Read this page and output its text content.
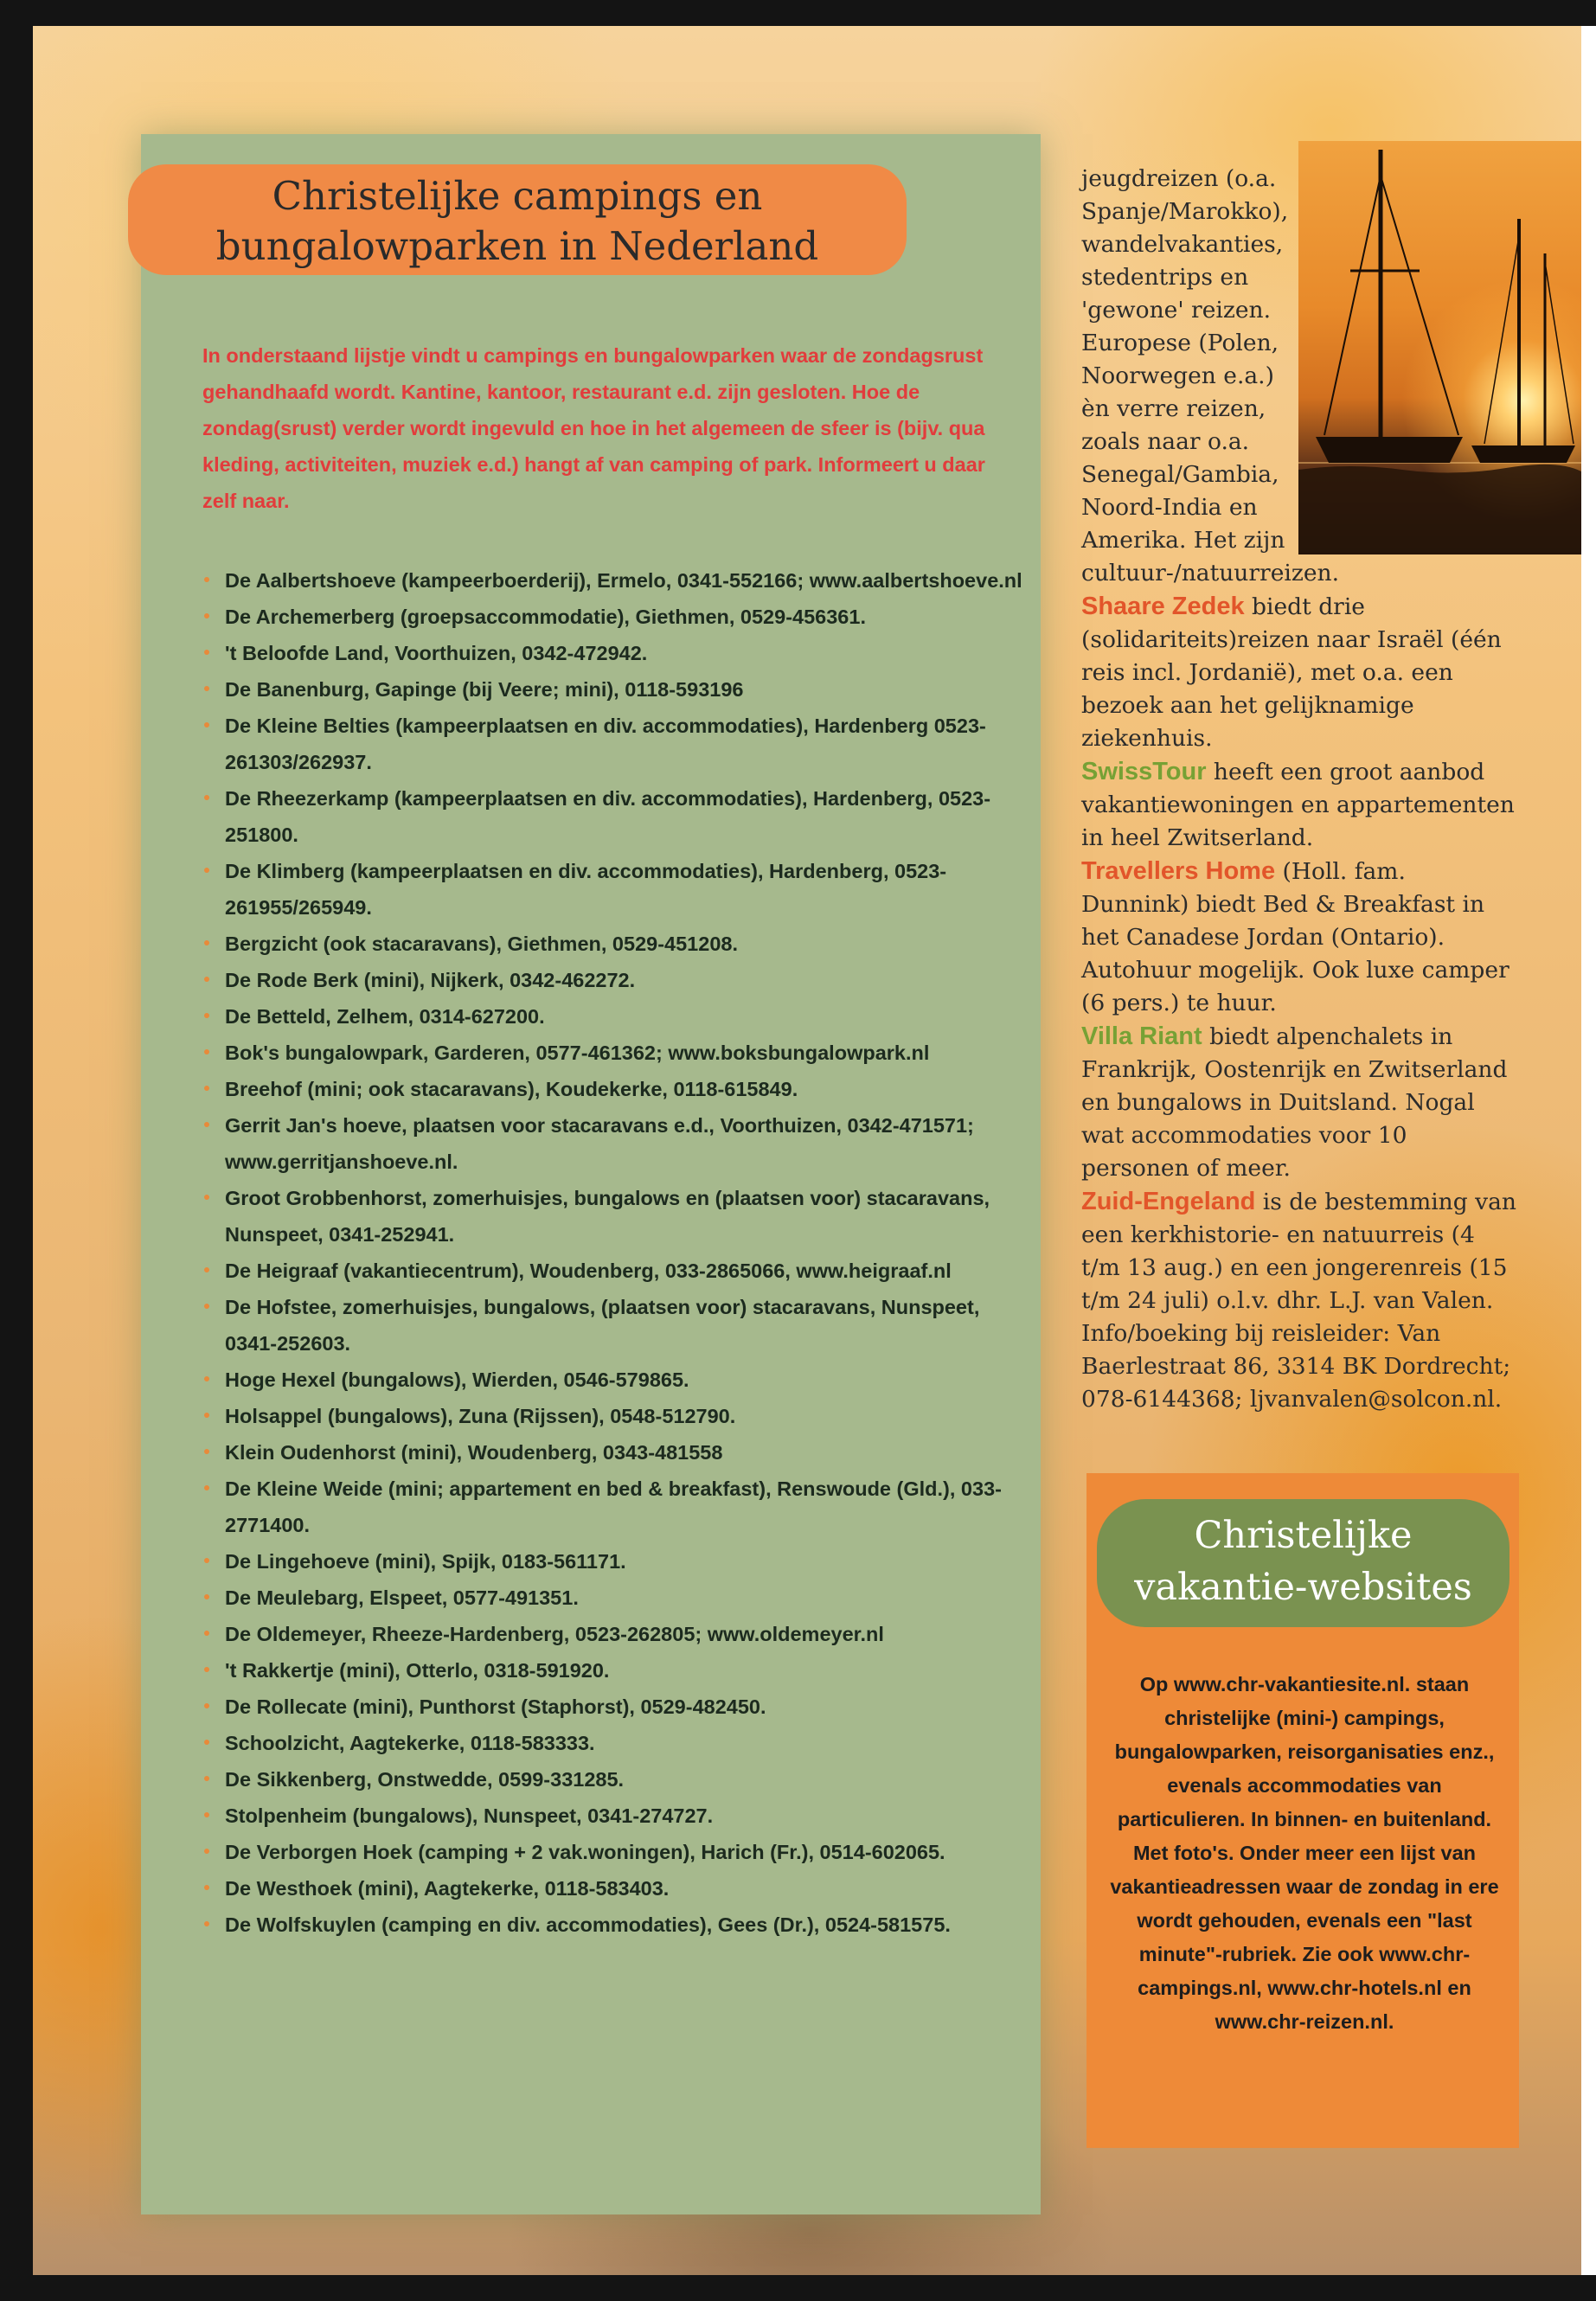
Christelijke campings en
bungalowparken in Nederland

In onderstaand lijstje vindt u campings en bungalowparken waar de zondagsrust gehandhaafd wordt. Kantine, kantoor, restaurant e.d. zijn gesloten. Hoe de zondag(srust) verder wordt ingevuld en hoe in het algemeen de sfeer is (bijv. qua kleding, activiteiten, muziek e.d.) hangt af van camping of park. Informeert u daar zelf naar.

De Aalbertshoeve (kampeerboerderij), Ermelo, 0341-552166; www.aalbertshoeve.nl
De Archemerberg (groepsaccommodatie), Giethmen, 0529-456361.
't Beloofde Land, Voorthuizen, 0342-472942.
De Banenburg, Gapinge (bij Veere; mini), 0118-593196
De Kleine Belties (kampeerplaatsen en div. accommodaties), Hardenberg 0523-261303/262937.
De Rheezerkamp (kampeerplaatsen en div. accommodaties), Hardenberg, 0523-251800.
De Klimberg (kampeerplaatsen en div. accommodaties), Hardenberg, 0523-261955/265949.
Bergzicht (ook stacaravans), Giethmen, 0529-451208.
De Rode Berk (mini), Nijkerk, 0342-462272.
De Betteld, Zelhem, 0314-627200.
Bok's bungalowpark, Garderen, 0577-461362; www.boksbungalowpark.nl
Breehof (mini; ook stacaravans), Koudekerke, 0118-615849.
Gerrit Jan's hoeve, plaatsen voor stacaravans e.d., Voorthuizen, 0342-471571; www.gerritjanshoeve.nl.
Groot Grobbenhorst, zomerhuisjes, bungalows en (plaatsen voor) stacaravans, Nunspeet, 0341-252941.
De Heigraaf (vakantiecentrum), Woudenberg, 033-2865066, www.heigraaf.nl
De Hofstee, zomerhuisjes, bungalows, (plaatsen voor) stacaravans, Nunspeet, 0341-252603.
Hoge Hexel (bungalows), Wierden, 0546-579865.
Holsappel (bungalows), Zuna (Rijssen), 0548-512790.
Klein Oudenhorst (mini), Woudenberg, 0343-481558
De Kleine Weide (mini; appartement en bed & breakfast), Renswoude (Gld.), 033-2771400.
De Lingehoeve (mini), Spijk, 0183-561171.
De Meulebarg, Elspeet, 0577-491351.
De Oldemeyer, Rheeze-Hardenberg, 0523-262805; www.oldemeyer.nl
't Rakkertje (mini), Otterlo, 0318-591920.
De Rollecate (mini), Punthorst (Staphorst), 0529-482450.
Schoolzicht, Aagtekerke, 0118-583333.
De Sikkenberg, Onstwedde, 0599-331285.
Stolpenheim (bungalows), Nunspeet, 0341-274727.
De Verborgen Hoek (camping + 2 vak.woningen), Harich (Fr.), 0514-602065.
De Westhoek (mini), Aagtekerke, 0118-583403.
De Wolfskuylen (camping en div. accommodaties), Gees (Dr.), 0524-581575.

jeugdreizen (o.a. Spanje/Marokko), wandelvakanties, stedentrips en 'gewone' reizen. Europese (Polen, Noorwegen e.a.) èn verre reizen, zoals naar o.a. Senegal/Gambia, Noord-India en Amerika. Het zijn cultuur-/natuurreizen.
Shaare Zedek biedt drie (solidariteits)reizen naar Israël (één reis incl. Jordanië), met o.a. een bezoek aan het gelijknamige ziekenhuis.
SwissTour heeft een groot aanbod vakantiewoningen en appartementen in heel Zwitserland.
Travellers Home (Holl. fam. Dunnink) biedt Bed & Breakfast in het Canadese Jordan (Ontario). Autohuur mogelijk. Ook luxe camper (6 pers.) te huur.
Villa Riant biedt alpenchalets in Frankrijk, Oostenrijk en Zwitserland en bungalows in Duitsland. Nogal wat accommodaties voor 10 personen of meer.
Zuid-Engeland is de bestemming van een kerkhistorie- en natuurreis (4 t/m 13 aug.) en een jongerenreis (15 t/m 24 juli) o.l.v. dhr. L.J. van Valen. Info/boeking bij reisleider: Van Baerlestraat 86, 3314 BK Dordrecht; 078-6144368; ljvanvalen@solcon.nl.

Christelijke
vakantie-websites

Op www.chr-vakantiesite.nl. staan christelijke (mini-) campings, bungalowparken, reisorganisaties enz., evenals accommodaties van particulieren. In binnen- en buitenland. Met foto's. Onder meer een lijst van vakantieadressen waar de zondag in ere wordt gehouden, evenals een "last minute"-rubriek. Zie ook www.chr-campings.nl, www.chr-hotels.nl en www.chr-reizen.nl.
